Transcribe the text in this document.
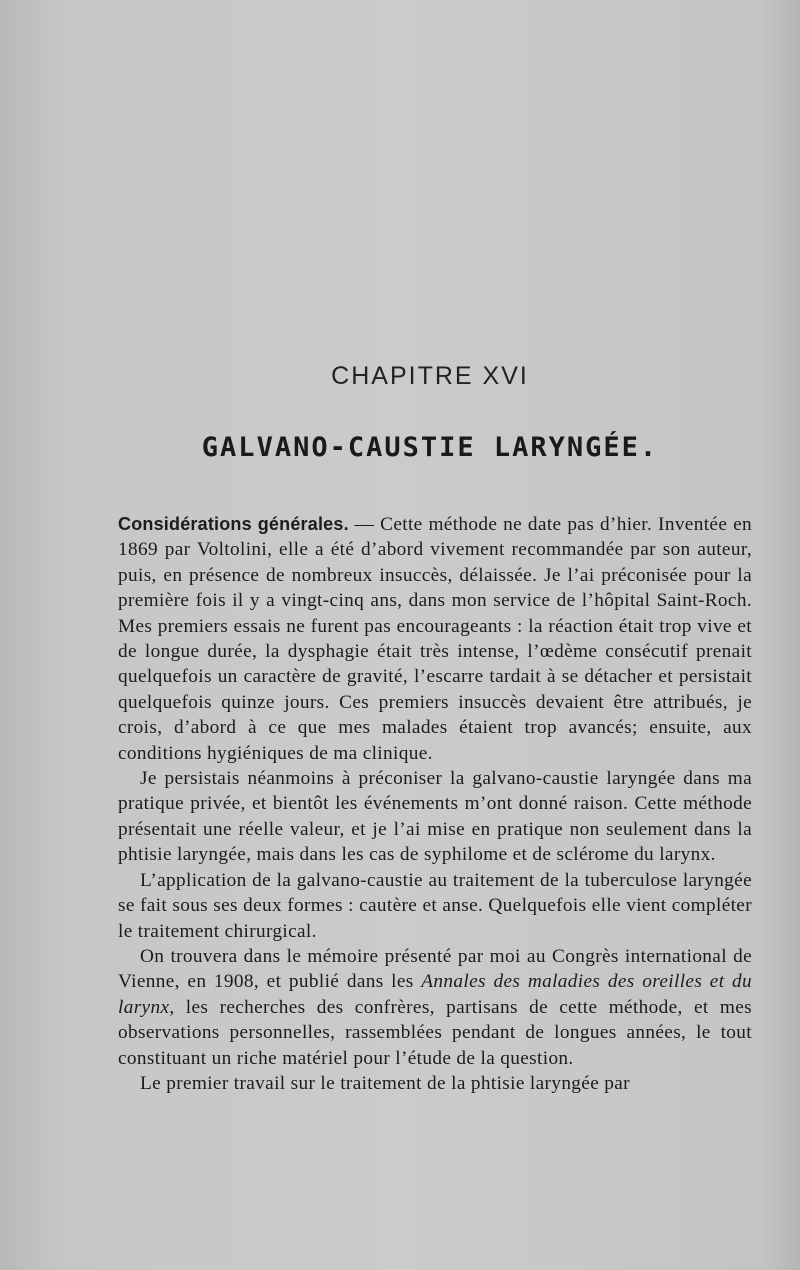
CHAPITRE XVI
GALVANO-CAUSTIE LARYNGÉE.

Considérations générales. — Cette méthode ne date pas d’hier. Inventée en 1869 par Voltolini, elle a été d’abord vivement recommandée par son auteur, puis, en présence de nombreux insuccès, délaissée. Je l’ai préconisée pour la première fois il y a vingt-cinq ans, dans mon service de l’hôpital Saint-Roch. Mes premiers essais ne furent pas encourageants : la réaction était trop vive et de longue durée, la dysphagie était très intense, l’œdème consécutif prenait quelquefois un caractère de gravité, l’escarre tardait à se détacher et persistait quelquefois quinze jours. Ces premiers insuccès devaient être attribués, je crois, d’abord à ce que mes malades étaient trop avancés; ensuite, aux conditions hygiéniques de ma clinique.

Je persistais néanmoins à préconiser la galvano-caustie laryngée dans ma pratique privée, et bientôt les événements m’ont donné raison. Cette méthode présentait une réelle valeur, et je l’ai mise en pratique non seulement dans la phtisie laryngée, mais dans les cas de syphilome et de sclérome du larynx.

L’application de la galvano-caustie au traitement de la tuberculose laryngée se fait sous ses deux formes : cautère et anse. Quelquefois elle vient compléter le traitement chirurgical.

On trouvera dans le mémoire présenté par moi au Congrès international de Vienne, en 1908, et publié dans les Annales des maladies des oreilles et du larynx, les recherches des confrères, partisans de cette méthode, et mes observations personnelles, rassemblées pendant de longues années, le tout constituant un riche matériel pour l’étude de la question.

Le premier travail sur le traitement de la phtisie laryngée par
